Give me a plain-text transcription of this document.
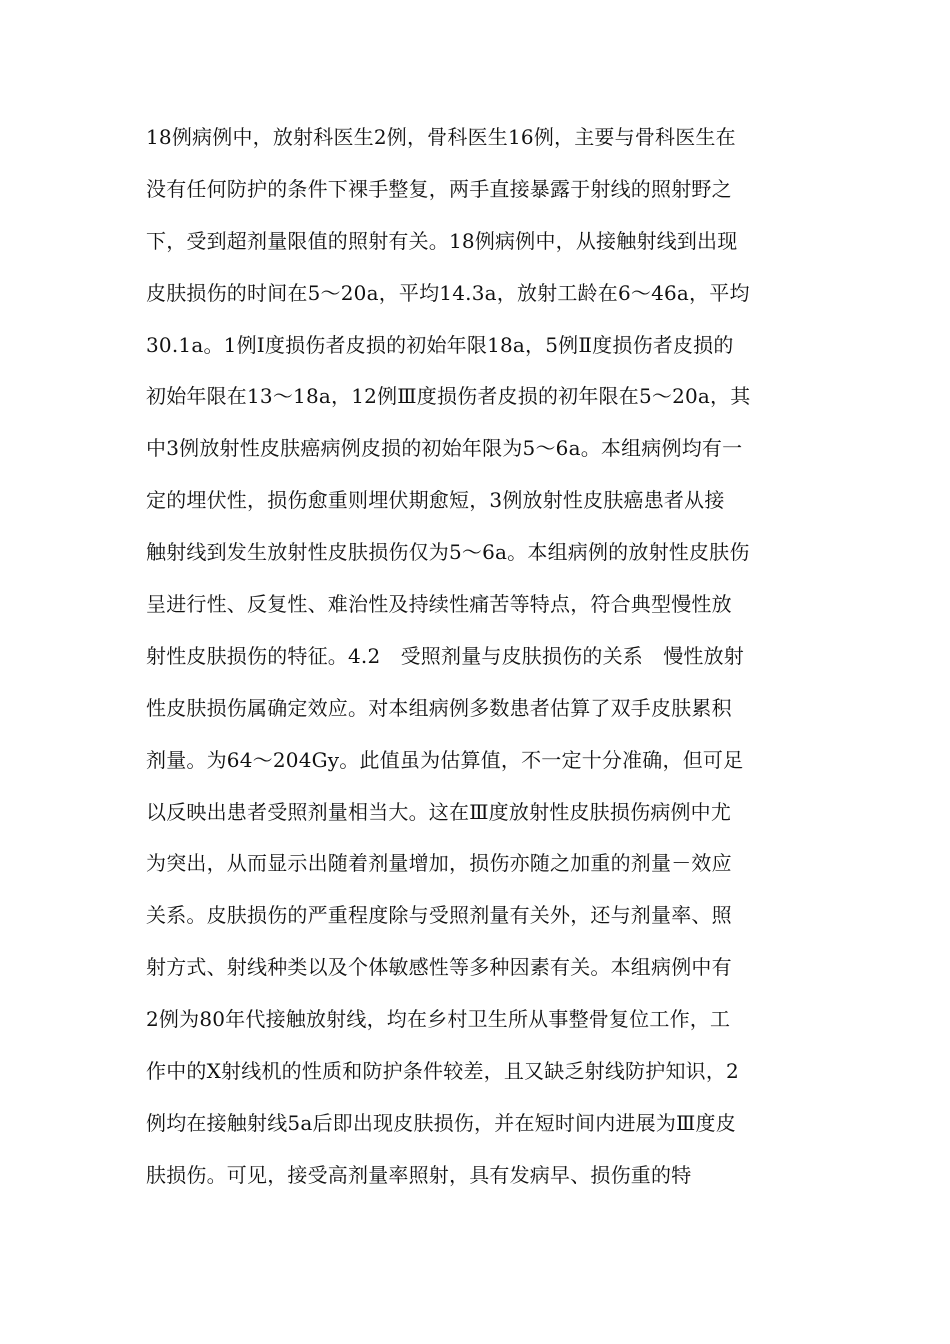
18例病例中，放射科医生2例，骨科医生16例，主要与骨科医生在
没有任何防护的条件下裸手整复，两手直接暴露于射线的照射野之
下，受到超剂量限值的照射有关。18例病例中，从接触射线到出现
皮肤损伤的时间在5～20a，平均14.3a，放射工龄在6～46a，平均
30.1a。1例Ⅰ度损伤者皮损的初始年限18a，5例Ⅱ度损伤者皮损的
初始年限在13～18a，12例Ⅲ度损伤者皮损的初年限在5～20a，其
中3例放射性皮肤癌病例皮损的初始年限为5～6a。本组病例均有一
定的埋伏性，损伤愈重则埋伏期愈短，3例放射性皮肤癌患者从接
触射线到发生放射性皮肤损伤仅为5～6a。本组病例的放射性皮肤伤
呈进行性、反复性、难治性及持续性痛苦等特点，符合典型慢性放
射性皮肤损伤的特征。4.2　受照剂量与皮肤损伤的关系　慢性放射
性皮肤损伤属确定效应。对本组病例多数患者估算了双手皮肤累积
剂量。为64～204Gy。此值虽为估算值，不一定十分准确，但可足
以反映出患者受照剂量相当大。这在Ⅲ度放射性皮肤损伤病例中尤
为突出，从而显示出随着剂量增加，损伤亦随之加重的剂量－效应
关系。皮肤损伤的严重程度除与受照剂量有关外，还与剂量率、照
射方式、射线种类以及个体敏感性等多种因素有关。本组病例中有
2例为80年代接触放射线，均在乡村卫生所从事整骨复位工作，工
作中的X射线机的性质和防护条件较差，且又缺乏射线防护知识，2
例均在接触射线5a后即出现皮肤损伤，并在短时间内进展为Ⅲ度皮
肤损伤。可见，接受高剂量率照射，具有发病早、损伤重的特
